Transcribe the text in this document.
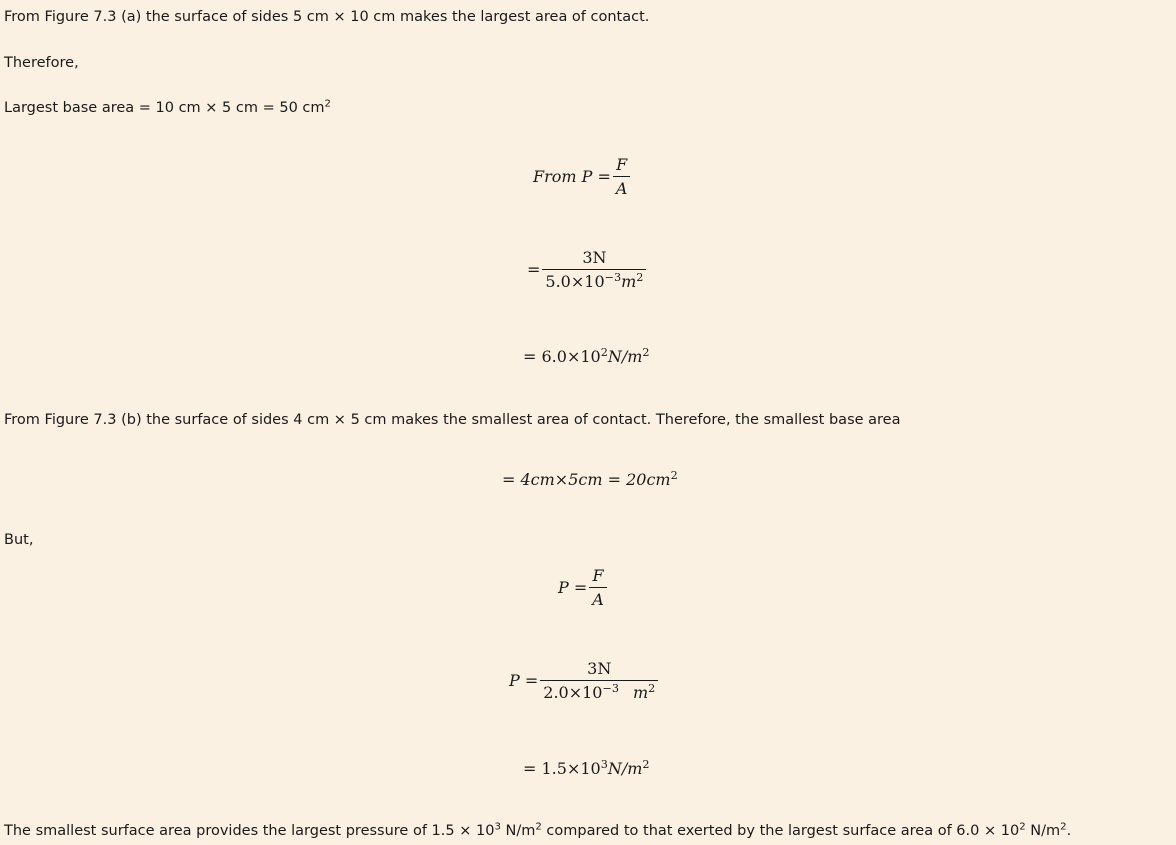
From Figure 7.3 (a) the surface of sides 5 cm × 10 cm makes the largest area of contact.
Therefore,
Largest base area = 10 cm × 5 cm = 50 $cm^2$
From $P = \frac{F}{A}$
= $\frac{3N}{5.0\times 10^{-3}m^2}$
= $6.0\times 10^2N/m^2$
From Figure 7.3 (b) the surface of sides 4 cm × 5 cm makes the smallest area of contact. Therefore, the smallest base area
= $4cm\times 5cm = 20cm^2$
But,
$P = \frac{F}{A}$
$P = \frac{3N}{2.0\times 10^{-3} m^2}$
= $1.5\times 10^3N/m^2$
The smallest surface area provides the largest pressure of $1.5 \times 10^3$ $N/m^2$ compared to that exerted by the largest surface area of $6.0 \times 10^2$ $N/m^2$.
